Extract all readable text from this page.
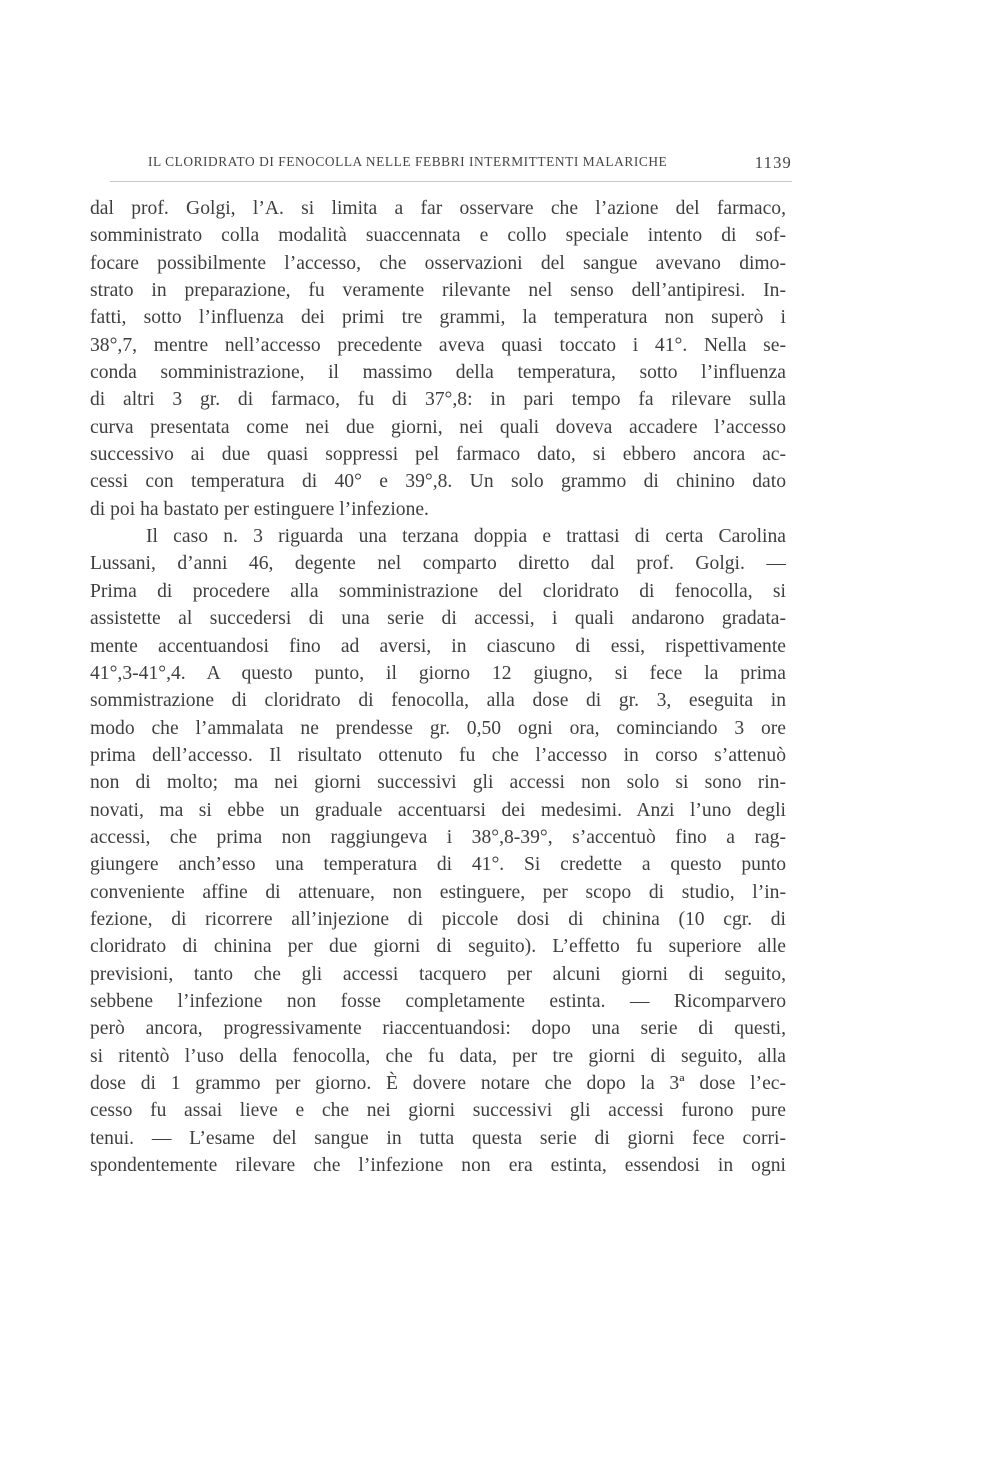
IL CLORIDRATO DI FENOCOLLA NELLE FEBBRI INTERMITTENTI MALARICHE	1139
dal prof. Golgi, l’A. si limita a far osservare che l’azione del farmaco,
somministrato colla modalità suaccennata e collo speciale intento di sof-
focare possibilmente l’accesso, che osservazioni del sangue avevano dimo-
strato in preparazione, fu veramente rilevante nel senso dell’antipiresi. In-
fatti, sotto l’influenza dei primi tre grammi, la temperatura non superò i
38°,7, mentre nell’accesso precedente aveva quasi toccato i 41°. Nella se-
conda somministrazione, il massimo della temperatura, sotto l’influenza
di altri 3 gr. di farmaco, fu di 37°,8: in pari tempo fa rilevare sulla
curva presentata come nei due giorni, nei quali doveva accadere l’accesso
successivo ai due quasi soppressi pel farmaco dato, si ebbero ancora ac-
cessi con temperatura di 40° e 39°,8. Un solo grammo di chinino dato
di poi ha bastato per estinguere l’infezione.
Il caso n. 3 riguarda una terzana doppia e trattasi di certa Carolina
Lussani, d’anni 46, degente nel comparto diretto dal prof. Golgi. —
Prima di procedere alla somministrazione del cloridrato di fenocolla, si
assistette al succedersi di una serie di accessi, i quali andarono gradata-
mente accentuandosi fino ad aversi, in ciascuno di essi, rispettivamente
41°,3-41°,4. A questo punto, il giorno 12 giugno, si fece la prima
sommistrazione di cloridrato di fenocolla, alla dose di gr. 3, eseguita in
modo che l’ammalata ne prendesse gr. 0,50 ogni ora, cominciando 3 ore
prima dell’accesso. Il risultato ottenuto fu che l’accesso in corso s’attenuò
non di molto; ma nei giorni successivi gli accessi non solo si sono rin-
novati, ma si ebbe un graduale accentuarsi dei medesimi. Anzi l’uno degli
accessi, che prima non raggiungeva i 38°,8-39°, s’accentuò fino a rag-
giungere anch’esso una temperatura di 41°. Si credette a questo punto
conveniente affine di attenuare, non estinguere, per scopo di studio, l’in-
fezione, di ricorrere all’injezione di piccole dosi di chinina (10 cgr. di
cloridrato di chinina per due giorni di seguito). L’effetto fu superiore alle
previsioni, tanto che gli accessi tacquero per alcuni giorni di seguito,
sebbene l’infezione non fosse completamente estinta. — Ricomparvero
però ancora, progressivamente riaccentuandosi: dopo una serie di questi,
si ritentò l’uso della fenocolla, che fu data, per tre giorni di seguito, alla
dose di 1 grammo per giorno. È dovere notare che dopo la 3ª dose l’ec-
cesso fu assai lieve e che nei giorni successivi gli accessi furono pure
tenui. — L’esame del sangue in tutta questa serie di giorni fece corri-
spondentemente rilevare che l’infezione non era estinta, essendosi in ogni
